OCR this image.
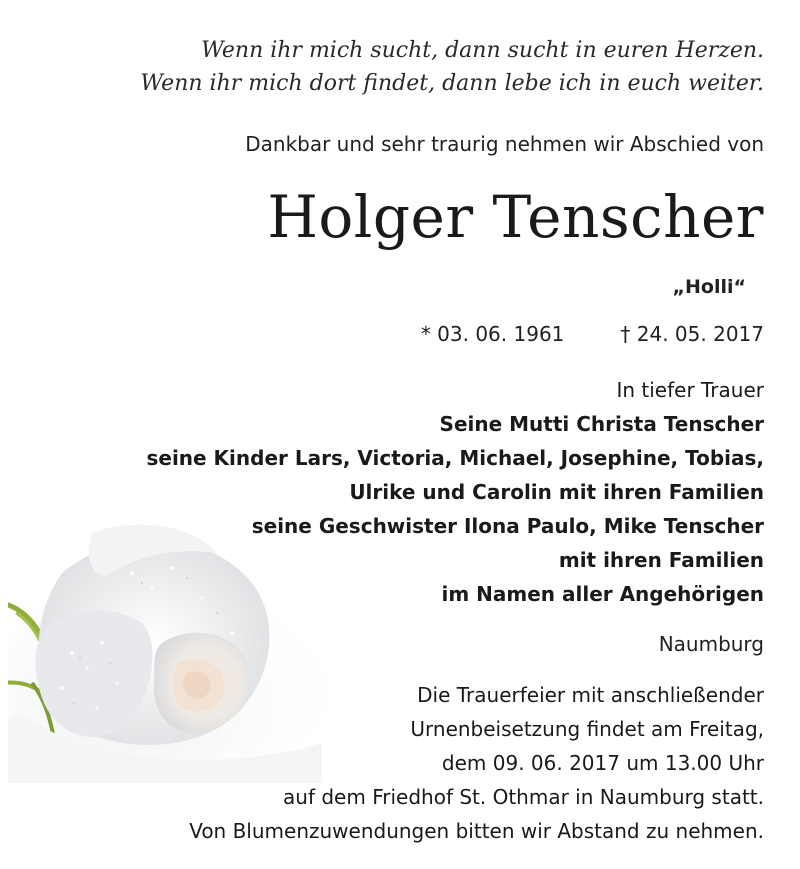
Wenn ihr mich sucht, dann sucht in euren Herzen.
Wenn ihr mich dort findet, dann lebe ich in euch weiter.
Dankbar und sehr traurig nehmen wir Abschied von
Holger Tenscher
„Holli“
* 03. 06. 1961	† 24. 05. 2017
In tiefer Trauer
Seine Mutti Christa Tenscher
seine Kinder Lars, Victoria, Michael, Josephine, Tobias,
Ulrike und Carolin mit ihren Familien
seine Geschwister Ilona Paulo, Mike Tenscher
mit ihren Familien
im Namen aller Angehörigen
Naumburg
Die Trauerfeier mit anschließender
Urnenbeisetzung findet am Freitag,
dem 09. 06. 2017 um 13.00 Uhr
auf dem Friedhof St. Othmar in Naumburg statt.
Von Blumenzuwendungen bitten wir Abstand zu nehmen.
